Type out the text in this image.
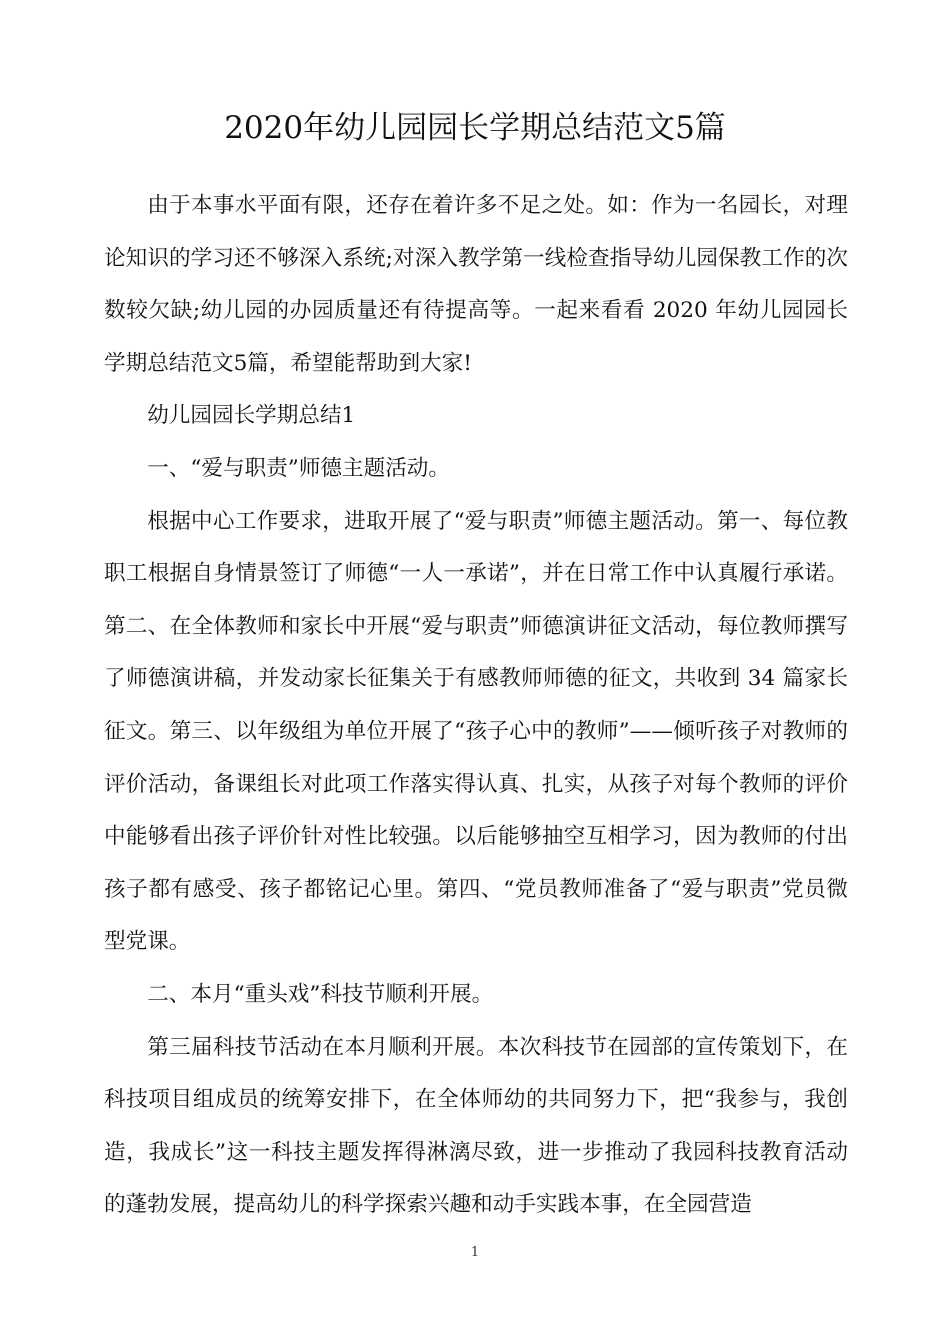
2020年幼儿园园长学期总结范文5篇

由于本事水平面有限，还存在着许多不足之处。如：作为一名园长，对理论知识的学习还不够深入系统;对深入教学第一线检查指导幼儿园保教工作的次数较欠缺;幼儿园的办园质量还有待提高等。一起来看看 2020 年幼儿园园长学期总结范文5篇，希望能帮助到大家!

幼儿园园长学期总结1

一、“爱与职责”师德主题活动。

根据中心工作要求，进取开展了“爱与职责”师德主题活动。第一、每位教职工根据自身情景签订了师德“一人一承诺”，并在日常工作中认真履行承诺。第二、在全体教师和家长中开展“爱与职责”师德演讲征文活动，每位教师撰写了师德演讲稿，并发动家长征集关于有感教师师德的征文，共收到 34 篇家长征文。第三、以年级组为单位开展了“孩子心中的教师”——倾听孩子对教师的评价活动，备课组长对此项工作落实得认真、扎实，从孩子对每个教师的评价中能够看出孩子评价针对性比较强。以后能够抽空互相学习，因为教师的付出孩子都有感受、孩子都铭记心里。第四、“党员教师准备了“爱与职责”党员微型党课。

二、本月“重头戏”科技节顺利开展。

第三届科技节活动在本月顺利开展。本次科技节在园部的宣传策划下，在科技项目组成员的统筹安排下，在全体师幼的共同努力下，把“我参与，我创造，我成长”这一科技主题发挥得淋漓尽致，进一步推动了我园科技教育活动的蓬勃发展，提高幼儿的科学探索兴趣和动手实践本事，在全园营造

1
